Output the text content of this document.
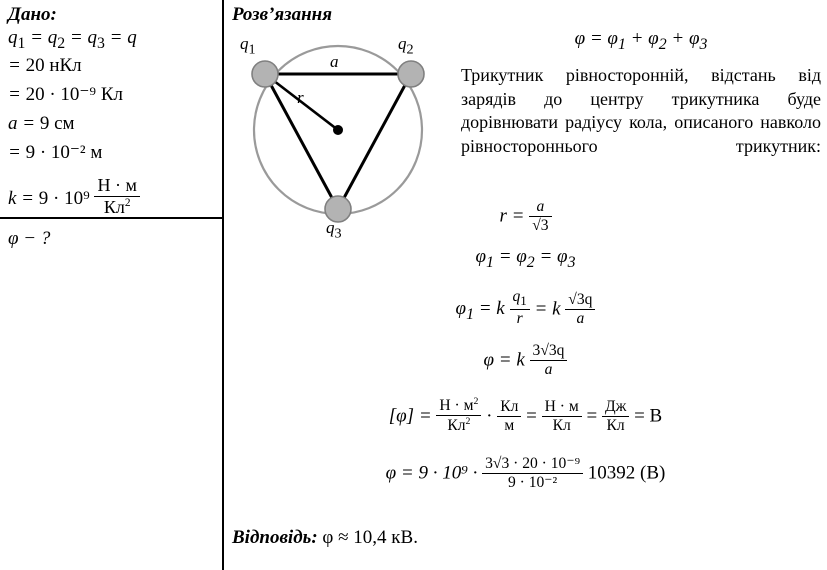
Дано:
$q_1 = q_2 = q_3 = q$
= 20 нКл
= 20 · 10⁻⁹ Кл
a = 9 см
= 9 · 10⁻² м
$k = 9 \cdot 10^9 \frac{Н \cdot м}{Кл^2}$
φ − ?
Розв’язання
$q_1$	$q_2$
$q_3$
a
r
$\varphi = \varphi_1 + \varphi_2 + \varphi_3$
Трикутник рівносторонній, відстань від зарядів до центру трикутника буде дорівнювати радіусу кола, описаного навколо рівностороннього трикутник:
$r = \frac{a}{√3}$
$\varphi_1 = \varphi_2 = \varphi_3$
$\varphi_1 = k \frac{q_1}{r} = k \frac{√3q}{a}$
φ = k $\frac{3√3q}{a}$
$[\varphi] = \frac{Н \cdot м^2}{Кл^2} \cdot \frac{Кл}{м} = \frac{Н \cdot м}{Кл} = \frac{Дж}{Кл} = В$
$\varphi = 9 \cdot 10^9 \cdot \frac{\text{3√3 · 20 · 10⁻⁹}}{\text{9 · 10⁻²}} 10392$ (В)
Відповідь: φ ≈ 10,4 кВ.
